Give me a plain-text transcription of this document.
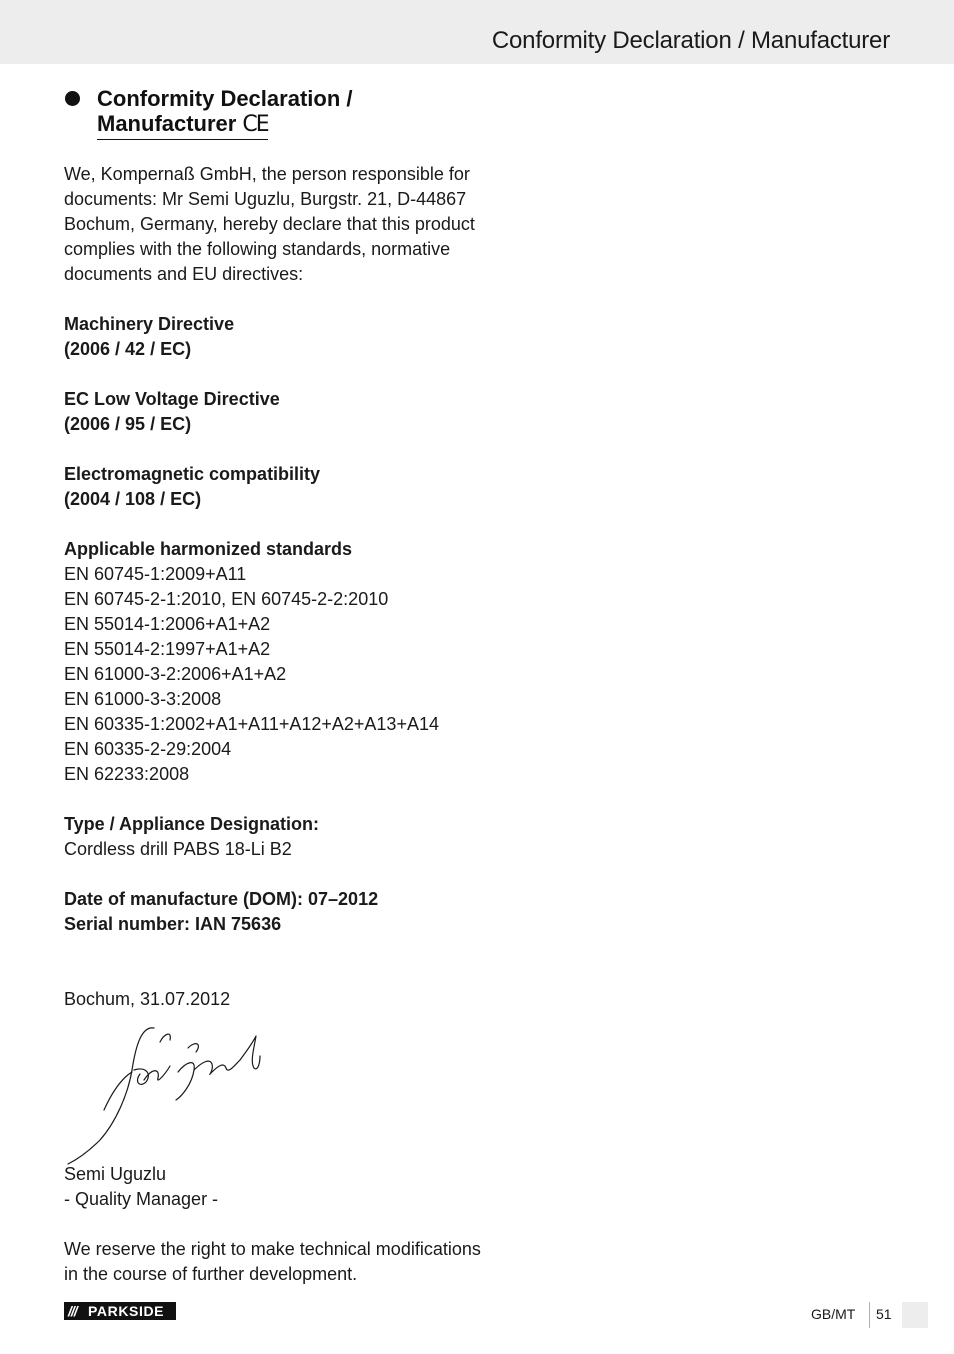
Conformity Declaration / Manufacturer
Conformity Declaration /
Manufacturer CE

We, Kompernaß GmbH, the person responsible for

documents: Mr Semi Uguzlu, Burgstr. 21, D-44867

Bochum, Germany, hereby declare that this product

complies with the following standards, normative

documents and EU directives:

Machinery Directive

(2006 / 42 / EC)

EC Low Voltage Directive

(2006 / 95 / EC)

Electromagnetic compatibility

(2004 / 108 / EC)

Applicable harmonized standards

EN 60745-1:2009+A11

EN 60745-2-1:2010, EN 60745-2-2:2010

EN 55014-1:2006+A1+A2

EN 55014-2:1997+A1+A2

EN 61000-3-2:2006+A1+A2

EN 61000-3-3:2008

EN 60335-1:2002+A1+A11+A12+A2+A13+A14

EN 60335-2-29:2004

EN 62233:2008

Type / Appliance Designation:

Cordless drill PABS 18-Li B2

Date of manufacture (DOM): 07–2012

Serial number: IAN 75636

Bochum, 31.07.2012

Semi Uguzlu

- Quality Manager -

We reserve the right to make technical modifications

in the course of further development.

/// PARKSIDE	GB/MT 51
